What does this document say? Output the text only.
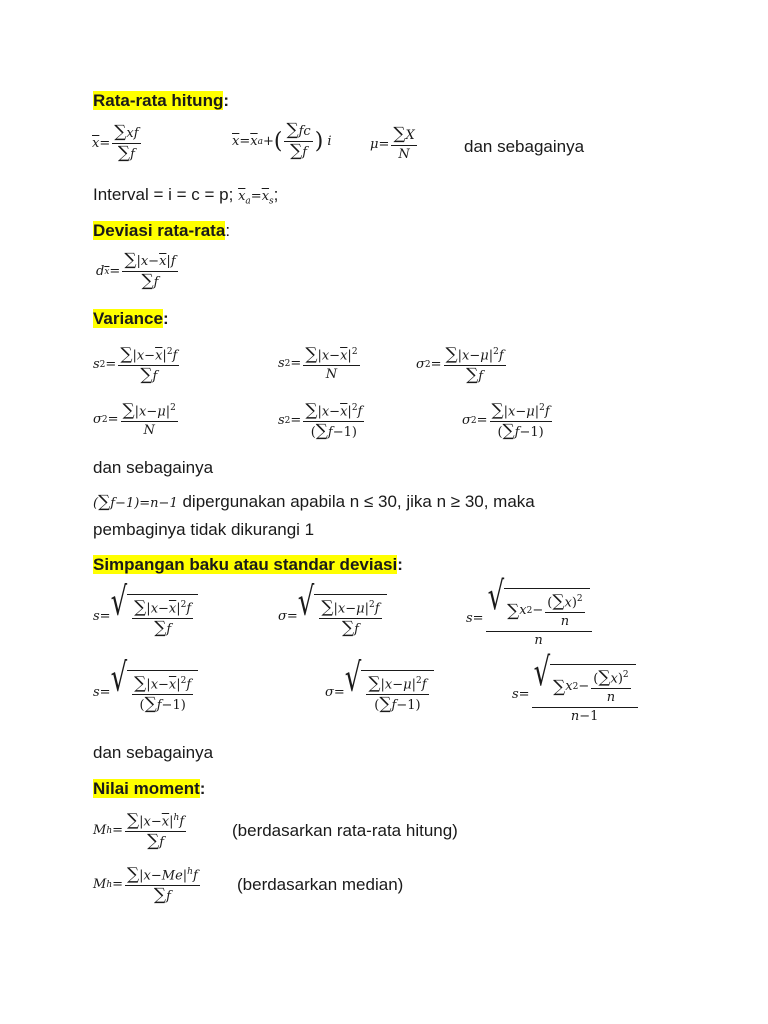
Rata-rata hitung:
$\overline{x} = \frac{\sum xf}{\sum f}$	$\overline{x} = \overline{x}$ a + ( $\frac{\sum fc}{\sum f}$ ) i	$\mu = \frac{\sum X}{N}$	dan sebagainya
Interval = i = c = p; $\overline{x}_a=\overline{x}_s$;
Deviasi rata-rata:
d $\overline{x} = \frac{\sum|x-\overline{x}|f}{\sum f}$
Variance:
s $2 = \frac{\sum|x-\overline{x}|^2f}{\sum f}$	s $2 = \frac{\sum|x-\overline{x}|^2}{N}$	σ $2 = \frac{\sum|x-\mu|^2f}{\sum f}$
σ $2 = \frac{\sum|x-\mu|^2}{N}$	s $2 = \frac{\sum|x-\overline{x}|^2f}{(\sum f-1)}$	σ $2 = \frac{\sum|x-\mu|^2f}{(\sum f-1)}$
dan sebagainya
(∑f−1)=n−1 dipergunakan apabila n ≤ 30, jika n ≥ 30, maka
pembaginya tidak dikurangi 1
Simpangan baku atau standar deviasi:
s = √ $\frac{\sum|x-\overline{x}|^2f}{\sum f}$	σ = √ $\frac{\sum|x-\mu|^2f}{\sum f}$	$s = \frac{√ \sum x 2 - \frac{(\sum x)^2}{n}}{n}$
s = √ $\frac{\sum|x-\overline{x}|^2f}{(\sum f-1)}$	σ = √ $\frac{\sum|x-\mu|^2f}{(\sum f-1)}$	$s = \frac{√ \sum x 2 - \frac{(\sum x)^2}{n}}{n-1}$
dan sebagainya
Nilai moment:
M $h = \frac{\sum|x-\overline{x}|^hf}{\sum f}$	(berdasarkan rata-rata hitung)
M $h = \frac{\sum|x-Me|^hf}{\sum f}$ (berdasarkan median)
